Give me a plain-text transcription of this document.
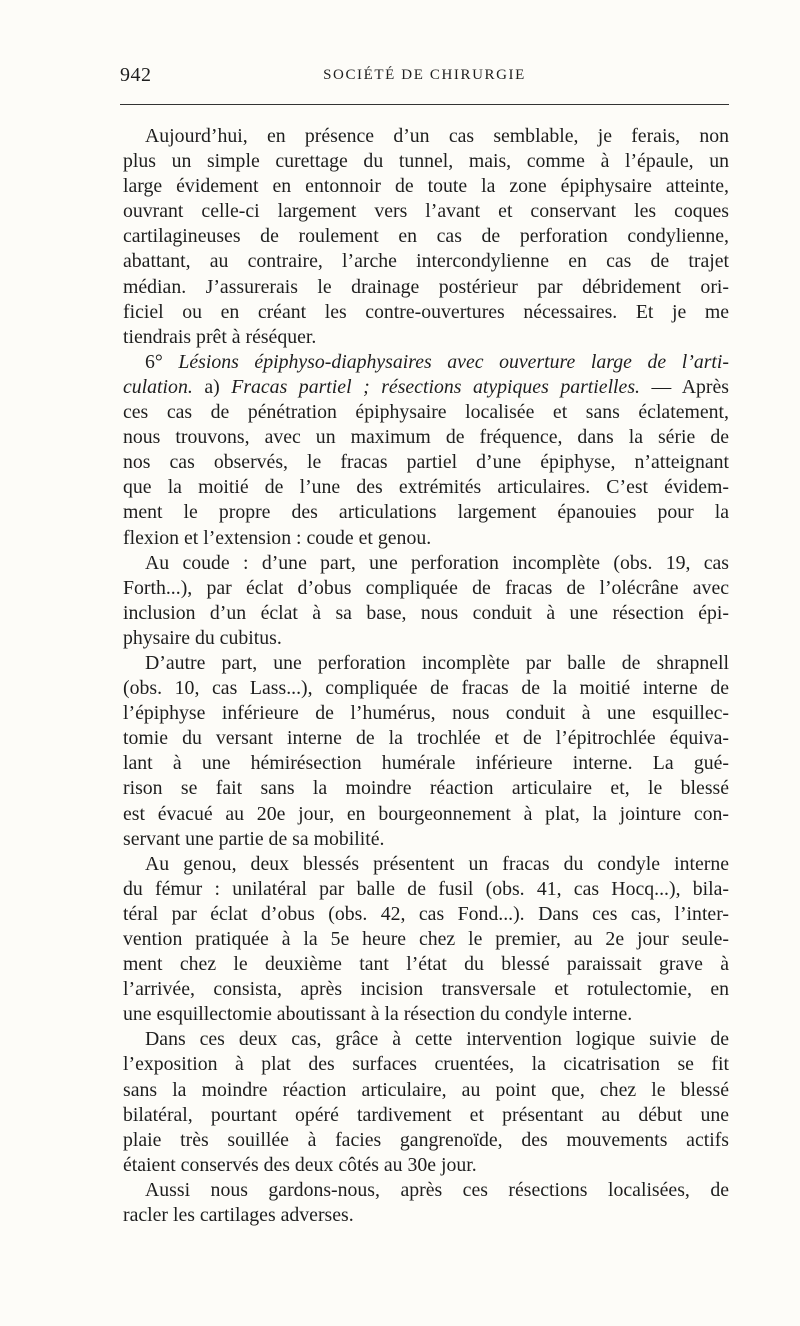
942	SOCIÉTÉ DE CHIRURGIE
Aujourd’hui, en présence d’un cas semblable, je ferais, non
plus un simple curettage du tunnel, mais, comme à l’épaule, un
large évidement en entonnoir de toute la zone épiphysaire atteinte,
ouvrant celle-ci largement vers l’avant et conservant les coques
cartilagineuses de roulement en cas de perforation condylienne,
abattant, au contraire, l’arche intercondylienne en cas de trajet
médian. J’assurerais le drainage postérieur par débridement ori-
ficiel ou en créant les contre-ouvertures nécessaires. Et je me
tiendrais prêt à réséquer.
6° Lésions épiphyso-diaphysaires avec ouverture large de l’arti-
culation. a) Fracas partiel ; résections atypiques partielles. — Après
ces cas de pénétration épiphysaire localisée et sans éclatement,
nous trouvons, avec un maximum de fréquence, dans la série de
nos cas observés, le fracas partiel d’une épiphyse, n’atteignant
que la moitié de l’une des extrémités articulaires. C’est évidem-
ment le propre des articulations largement épanouies pour la
flexion et l’extension : coude et genou.
Au coude : d’une part, une perforation incomplète (obs. 19, cas
Forth...), par éclat d’obus compliquée de fracas de l’olécrâne avec
inclusion d’un éclat à sa base, nous conduit à une résection épi-
physaire du cubitus.
D’autre part, une perforation incomplète par balle de shrapnell
(obs. 10, cas Lass...), compliquée de fracas de la moitié interne de
l’épiphyse inférieure de l’humérus, nous conduit à une esquillec-
tomie du versant interne de la trochlée et de l’épitrochlée équiva-
lant à une hémirésection humérale inférieure interne. La gué-
rison se fait sans la moindre réaction articulaire et, le blessé
est évacué au 20e jour, en bourgeonnement à plat, la jointure con-
servant une partie de sa mobilité.
Au genou, deux blessés présentent un fracas du condyle interne
du fémur : unilatéral par balle de fusil (obs. 41, cas Hocq...), bila-
téral par éclat d’obus (obs. 42, cas Fond...). Dans ces cas, l’inter-
vention pratiquée à la 5e heure chez le premier, au 2e jour seule-
ment chez le deuxième tant l’état du blessé paraissait grave à
l’arrivée, consista, après incision transversale et rotulectomie, en
une esquillectomie aboutissant à la résection du condyle interne.
Dans ces deux cas, grâce à cette intervention logique suivie de
l’exposition à plat des surfaces cruentées, la cicatrisation se fit
sans la moindre réaction articulaire, au point que, chez le blessé
bilatéral, pourtant opéré tardivement et présentant au début une
plaie très souillée à facies gangrenoïde, des mouvements actifs
étaient conservés des deux côtés au 30e jour.
Aussi nous gardons-nous, après ces résections localisées, de
racler les cartilages adverses.
